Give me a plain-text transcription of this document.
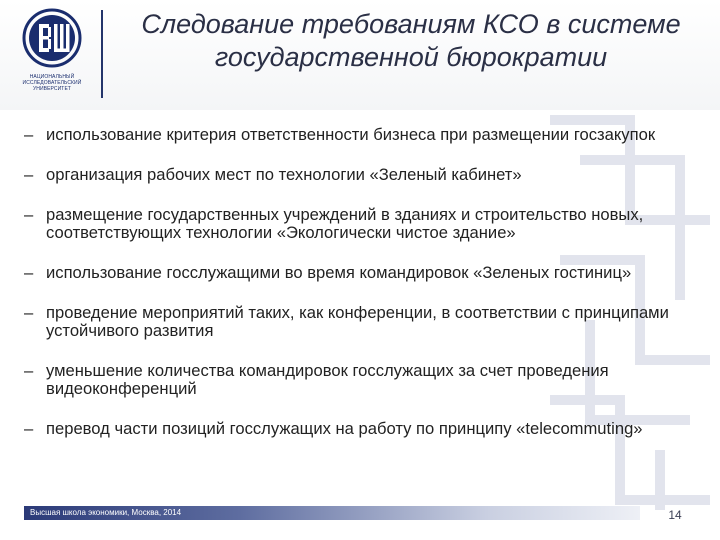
НАЦИОНАЛЬНЫЙ ИССЛЕДОВАТЕЛЬСКИЙ УНИВЕРСИТЕТ
Следование требованиям КСО в системе
государственной бюрократии
– использование критерия ответственности бизнеса при размещении госзакупок
– организация рабочих мест по технологии «Зеленый кабинет»
– размещение государственных учреждений в зданиях и строительство новых, соответствующих технологии «Экологически чистое здание»
– использование госслужащими во время командировок «Зеленых гостиниц»
– проведение мероприятий таких, как конференции, в соответствии с принципами устойчивого развития
– уменьшение количества командировок госслужащих за счет проведения видеоконференций
– перевод части позиций госслужащих на работу по принципу «telecommuting»
Высшая школа экономики, Москва, 2014	14
